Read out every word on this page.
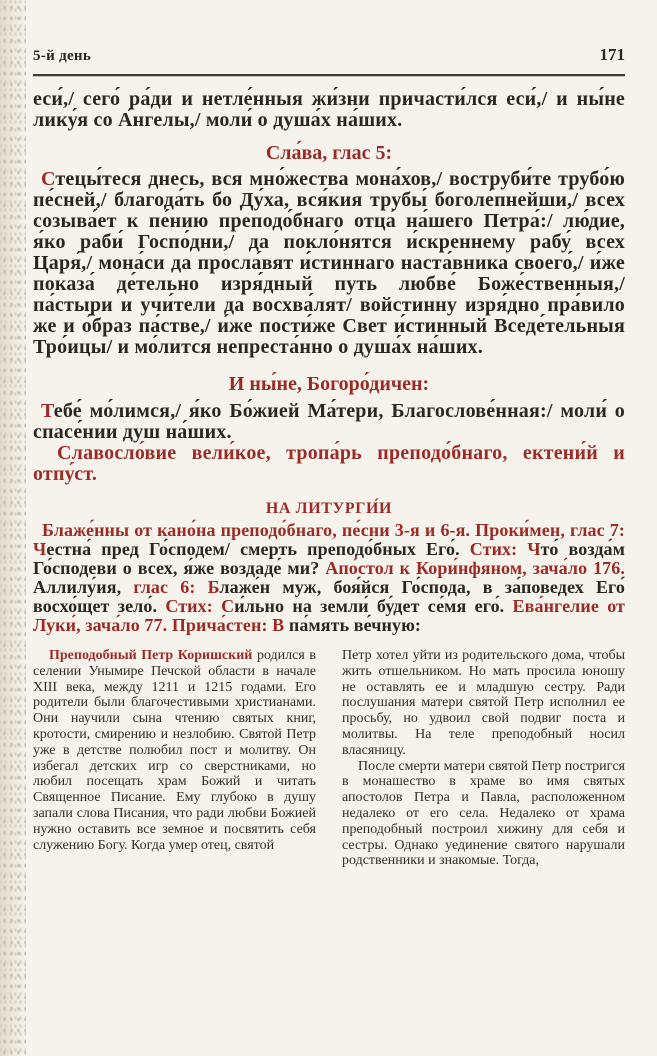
5-й день	171

еси́,/ сего́ ра́ди и нетле́нныя жи́зни причасти́лся еси́,/ и ны́не лику́я со А́нгелы,/ моли́ о душа́х на́ших.

Сла́ва, глас 5:

Стецы́теся днесь, вся мно́жества мона́хов,/ воструби́те трубо́ю пе́сней,/ благода́ть бо Ду́ха, вся́кия трубы́ боголе́пнейши,/ всех созыва́ет к пе́нию преподо́бнаго отца́ на́шего Петра́:/ лю́дие, я́ко раби́ Госпо́дни,/ да покло́нятся и́скреннему рабу́ всех Царя́,/ мона́си да просла́вят и́стиннаго наста́вника своего́,/ и́же показа́ де́тельно изря́дный путь любве́ Боже́ственныя,/ па́стыри и учи́тели да восхва́лят/ войстинну изря́дно пра́вило же и о́браз па́стве,/ и́же пости́же Свет и́стинный Вседе́тельныя Тро́ицы/ и мо́лится непреста́нно о душа́х на́ших.

И ны́не, Богоро́дичен:

Тебе́ мо́лимся,/ я́ко Бо́жией Ма́тери, Благослове́нная:/ моли́ о спасе́нии душ на́ших.

Славосло́вие вели́кое, тропа́рь преподо́бнаго, ектени́й и отпу́ст.

НА ЛИТУРГИ́И

Блаже́нны от кано́на преподо́бнаго, пе́сни 3-я и 6-я. Проки́мен, глас 7: Честна́ пред Го́сподем/ смерть преподо́бных Его́. Стих: Что́ возда́м Го́сподеви о всех, я́же воздаде́ ми? Апо́стол к Кори́нфяном, зача́ло 176. Аллилу́ия, глас 6: Блаже́н муж, боя́йся Го́спода, в за́поведех Его́ восхо́щет зело́. Стих: Си́льно на земли́ бу́дет се́мя его́. Ева́нгелие от Луки́, зача́ло 77. Прича́стен: В па́мять ве́чную:

Преподобный Петр Коришский родился в селении Унымире Печской области в начале XIII века, между 1211 и 1215 годами. Его родители были благочестивыми христианами. Они научили сына чтению святых книг, кротости, смирению и незлобию. Святой Петр уже в детстве полюбил пост и молитву. Он избегал детских игр со сверстниками, но любил посещать храм Божий и читать Священное Писание. Ему глубоко в душу запали слова Писания, что ради любви Божией нужно оставить все земное и посвятить себя служению Богу. Когда умер отец, святой

Петр хотел уйти из родительского дома, чтобы жить отшельником. Но мать просила юношу не оставлять ее и младшую сестру. Ради послушания матери святой Петр исполнил ее просьбу, но удвоил свой подвиг поста и молитвы. На теле преподобный носил власяницу.

После смерти матери святой Петр постригся в монашество в храме во имя святых апостолов Петра и Павла, расположенном недалеко от его села. Недалеко от храма преподобный построил хижину для себя и сестры. Однако уединение святого нарушали родственники и знакомые. Тогда,
